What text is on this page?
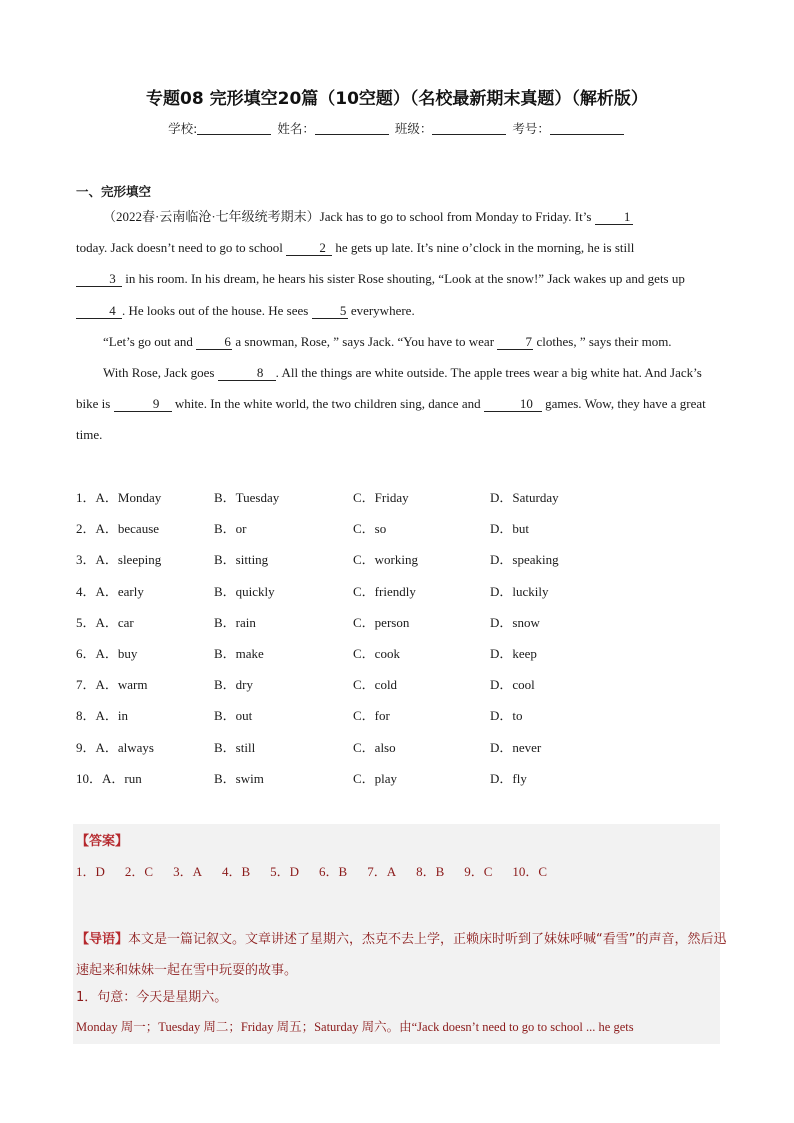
专题08 完形填空20篇（10空题）（名校最新期末真题）（解析版）
学校:	姓名：	班级：	考号：
一、完形填空

（2022春·云南临沧·七年级统考期末）Jack has to go to school from Monday to Friday. It’s 1
today. Jack doesn’t need to go to school	2 he gets up late. It’s nine o’clock in the morning, he is still
3 in his room. In his dream, he hears his sister Rose shouting, “Look at the snow!” Jack wakes up and gets up 4 . He looks out of the house. He sees 5 everywhere.

“Let’s go out and 6 a snowman, Rose, ” says Jack. “You have to wear 7 clothes, ” says their mom.

With Rose, Jack goes	8 . All the things are white outside. The apple trees wear a big white hat. And Jack’s bike is	9 white. In the white world, the two children sing, dance and	10 games. Wow, they have a great time.

1．A．Monday	B．Tuesday	C．Friday	D．Saturday
2．A．because	B．or	C．so	D．but
3．A．sleeping	B．sitting	C．working	D．speaking
4．A．early	B．quickly	C．friendly	D．luckily
5．A．car	B．rain	C．person	D．snow
6．A．buy	B．make	C．cook	D．keep
7．A．warm	B．dry	C．cold	D．cool
8．A．in	B．out	C．for	D．to
9．A．always	B．still	C．also	D．never
10．A．run	B．swim	C．play	D．fly
【答案】
1．D 2．C 3．A 4．B 5．D 6．B 7．A 8．B 9．C 10．C
【导语】本文是一篇记叙文。文章讲述了星期六，杰克不去上学，正赖床时听到了妹妹呼喊“看雪”的声音，然后迅速起来和妹妹一起在雪中玩耍的故事。
1．句意：今天是星期六。
Monday 周一；Tuesday 周二；Friday 周五；Saturday 周六。由“Jack doesn’t need to go to school ... he gets
